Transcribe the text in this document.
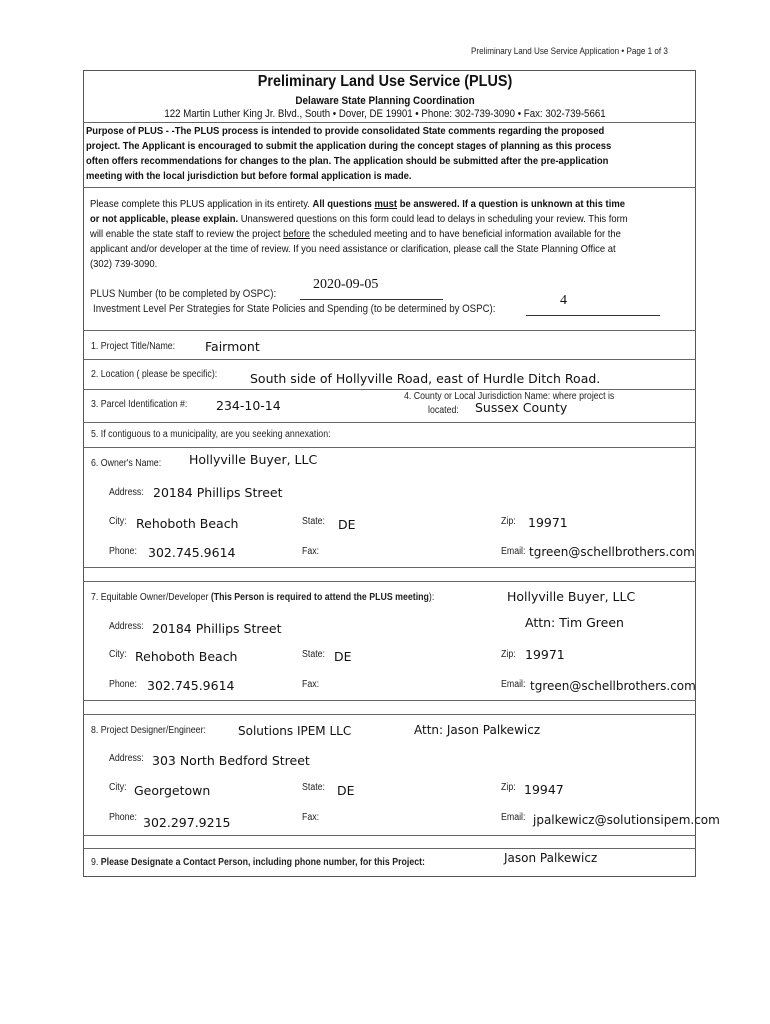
Preliminary Land Use Service Application • Page 1 of 3
Preliminary Land Use Service (PLUS)
Delaware State Planning Coordination
122 Martin Luther King Jr. Blvd., South • Dover, DE 19901 • Phone: 302-739-3090 • Fax: 302-739-5661
Purpose of PLUS - -The PLUS process is intended to provide consolidated State comments regarding the proposed
project. The Applicant is encouraged to submit the application during the concept stages of planning as this process
often offers recommendations for changes to the plan. The application should be submitted after the pre-application
meeting with the local jurisdiction but before formal application is made.
Please complete this PLUS application in its entirety. All questions must be answered. If a question is unknown at this time
or not applicable, please explain. Unanswered questions on this form could lead to delays in scheduling your review. This form
will enable the state staff to review the project before the scheduled meeting and to have beneficial information available for the
applicant and/or developer at the time of review. If you need assistance or clarification, please call the State Planning Office at
(302) 739-3090.
2020-09-05
PLUS Number (to be completed by OSPC):
Investment Level Per Strategies for State Policies and Spending (to be determined by OSPC):
4
1. Project Title/Name: Fairmont
2. Location ( please be specific):	South side of Hollyville Road, east of Hurdle Ditch Road.
3. Parcel Identification #: 234-10-14
4. County or Local Jurisdiction Name: where project is
located: Sussex County
5. If contiguous to a municipality, are you seeking annexation:
6. Owner's Name: Hollyville Buyer, LLC
Address: 20184 Phillips Street
City: Rehoboth Beach	State: DE	Zip: 19971
Phone: 302.745.9614	Fax:	Email: tgreen@schellbrothers.com
7. Equitable Owner/Developer (This Person is required to attend the PLUS meeting):	Hollyville Buyer, LLC
Attn: Tim Green
Address: 20184 Phillips Street
City: Rehoboth Beach	State: DE	Zip: 19971
Phone: 302.745.9614	Fax:	Email: tgreen@schellbrothers.com
8. Project Designer/Engineer:	Solutions IPEM LLC	Attn: Jason Palkewicz
Address: 303 North Bedford Street
City: Georgetown	State: DE	Zip: 19947
Phone: 302.297.9215	Fax:	Email: jpalkewicz@solutionsipem.com
9. Please Designate a Contact Person, including phone number, for this Project:	Jason Palkewicz
